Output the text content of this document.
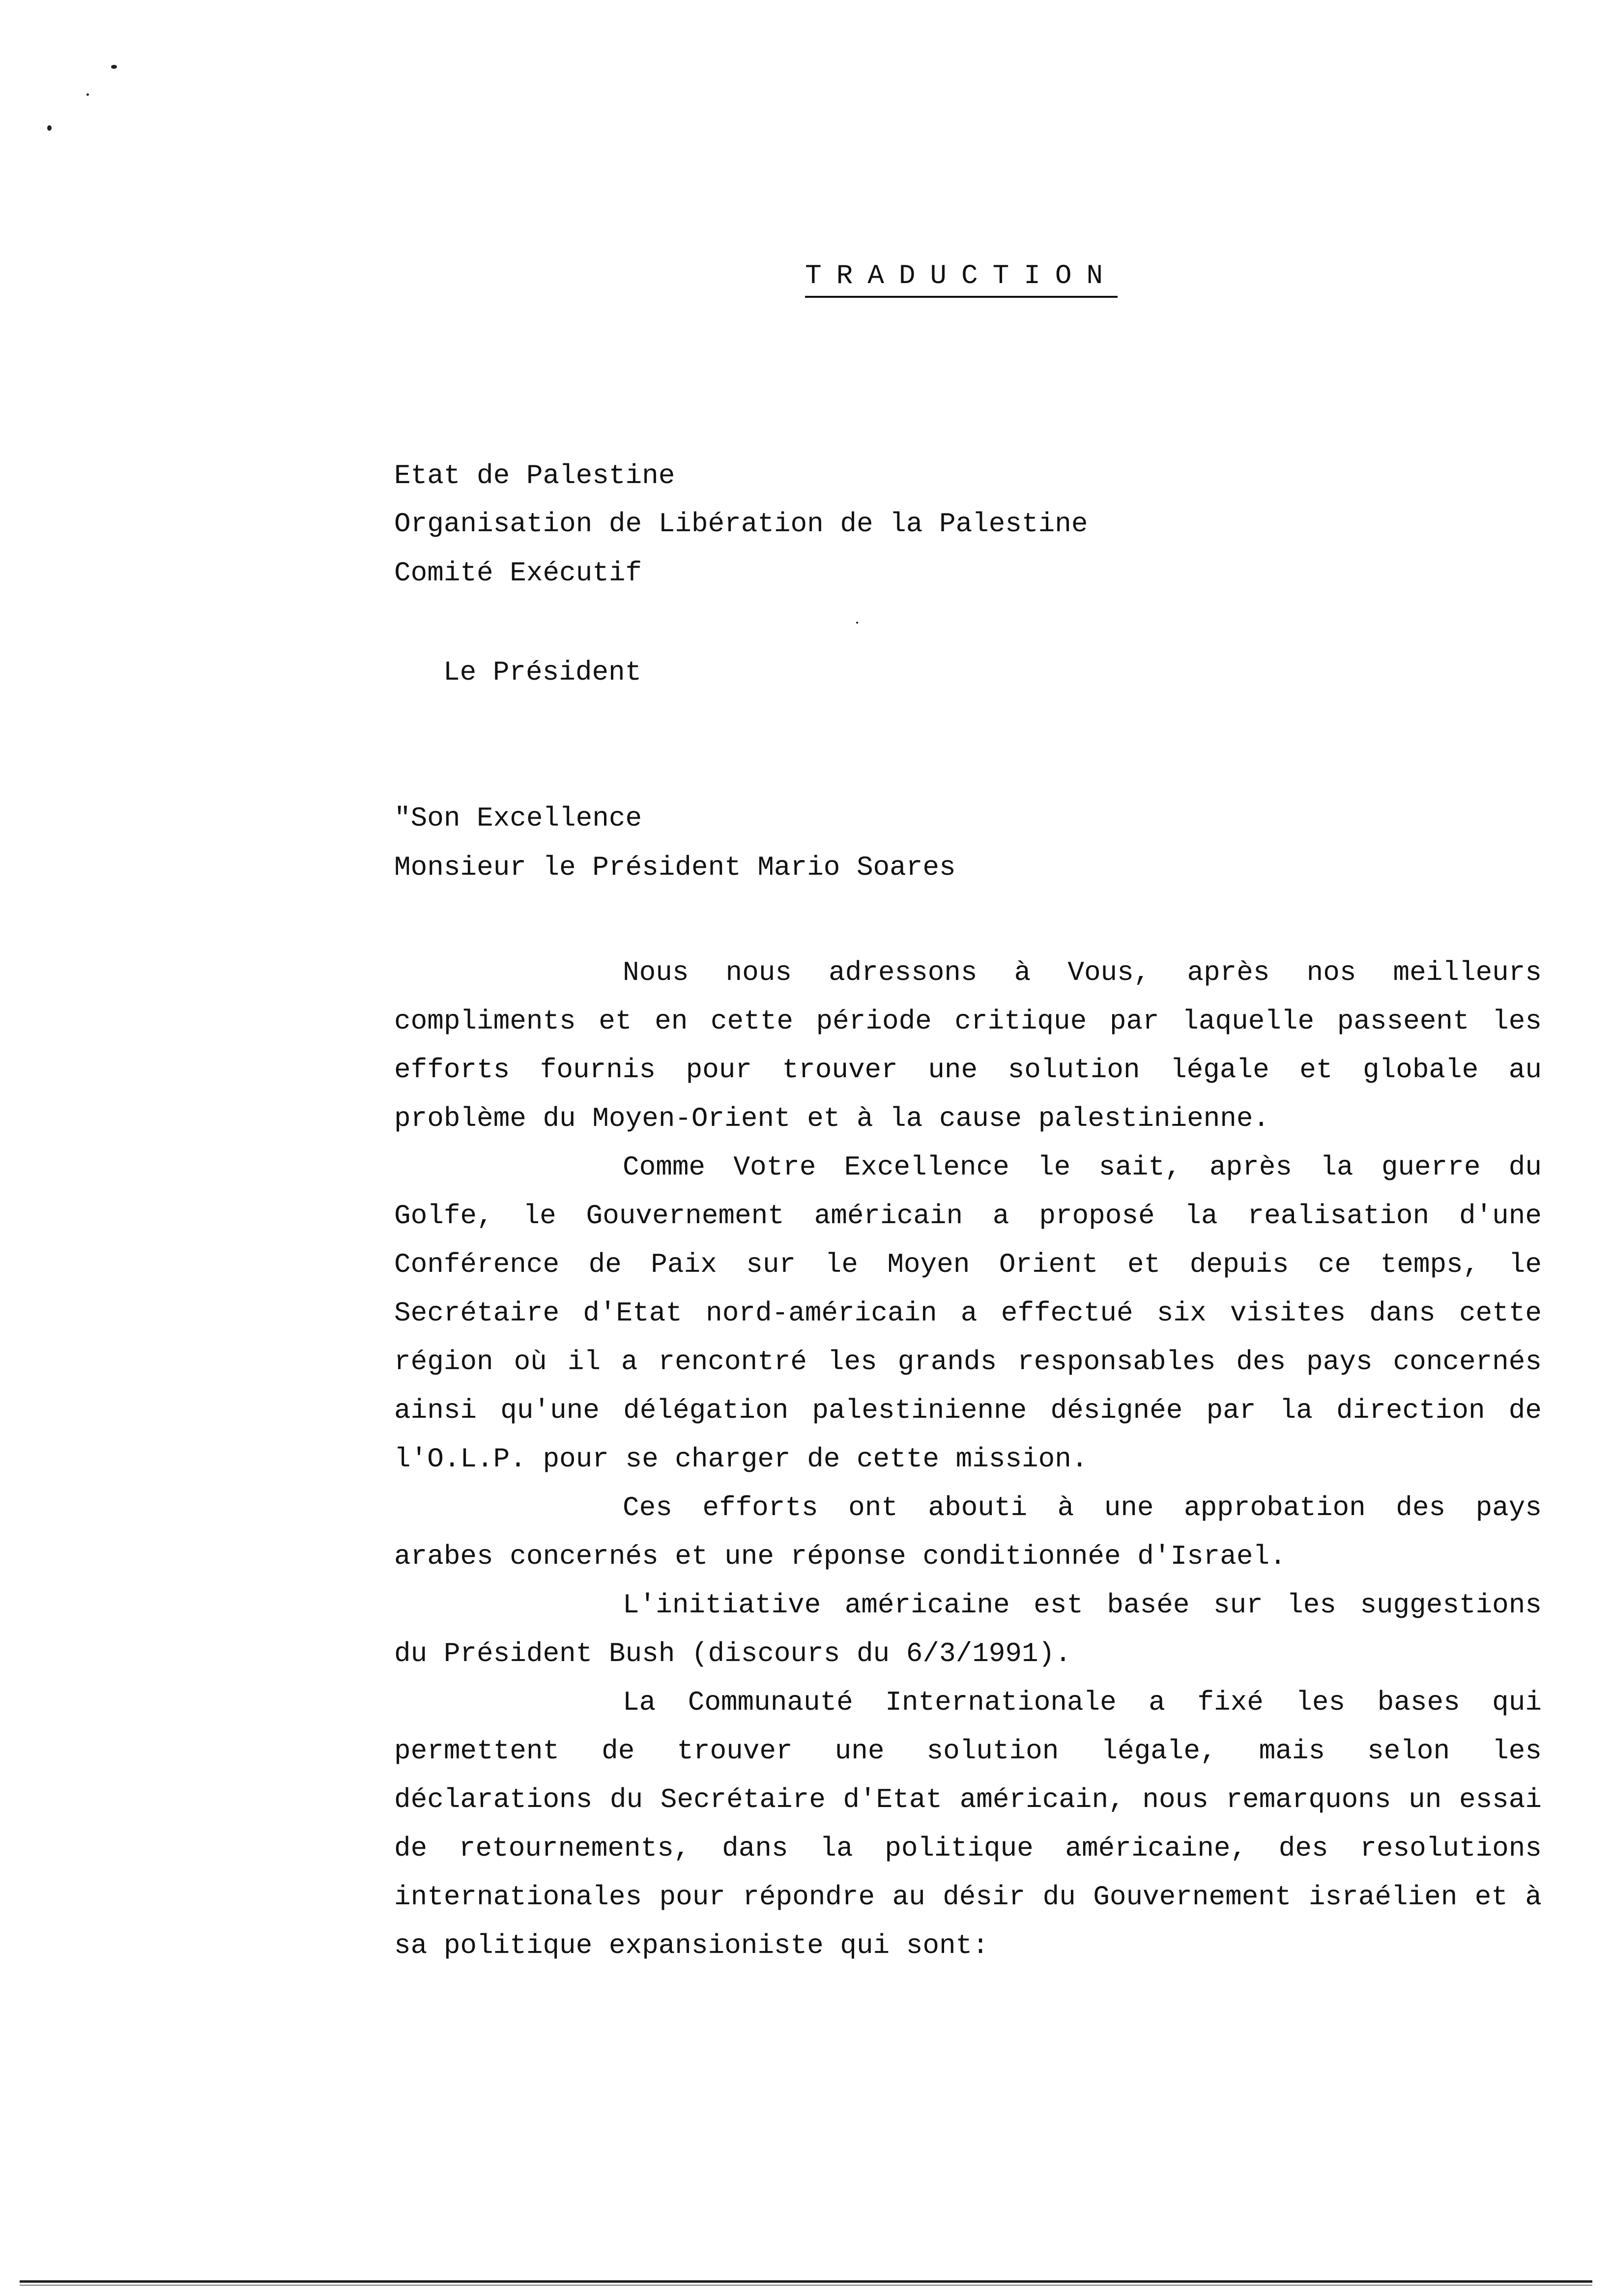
TRADUCTION
Etat de Palestine
Organisation de Libération de la Palestine
Comité Exécutif
Le Président
"Son Excellence
Monsieur le Président Mario Soares

Nous nous adressons à Vous, après nos meilleurs compliments et en cette période critique par laquelle passeent les efforts fournis pour trouver une solution légale et globale au problème du Moyen-Orient et à la cause palestinienne.

Comme Votre Excellence le sait, après la guerre du Golfe, le Gouvernement américain a proposé la realisation d'une Conférence de Paix sur le Moyen Orient et depuis ce temps, le Secrétaire d'Etat nord-américain a effectué six visites dans cette région où il a rencontré les grands responsables des pays concernés ainsi qu'une délégation palestinienne désignée par la direction de l'O.L.P. pour se charger de cette mission.

Ces efforts ont abouti à une approbation des pays arabes concernés et une réponse conditionnée d'Israel.

L'initiative américaine est basée sur les suggestions du Président Bush (discours du 6/3/1991).

La Communauté Internationale a fixé les bases qui permettent de trouver une solution légale, mais selon les déclarations du Secrétaire d'Etat américain, nous remarquons un essai de retournements, dans la politique américaine, des resolutions internationales pour répondre au désir du Gouvernement israélien et à sa politique expansioniste qui sont:
